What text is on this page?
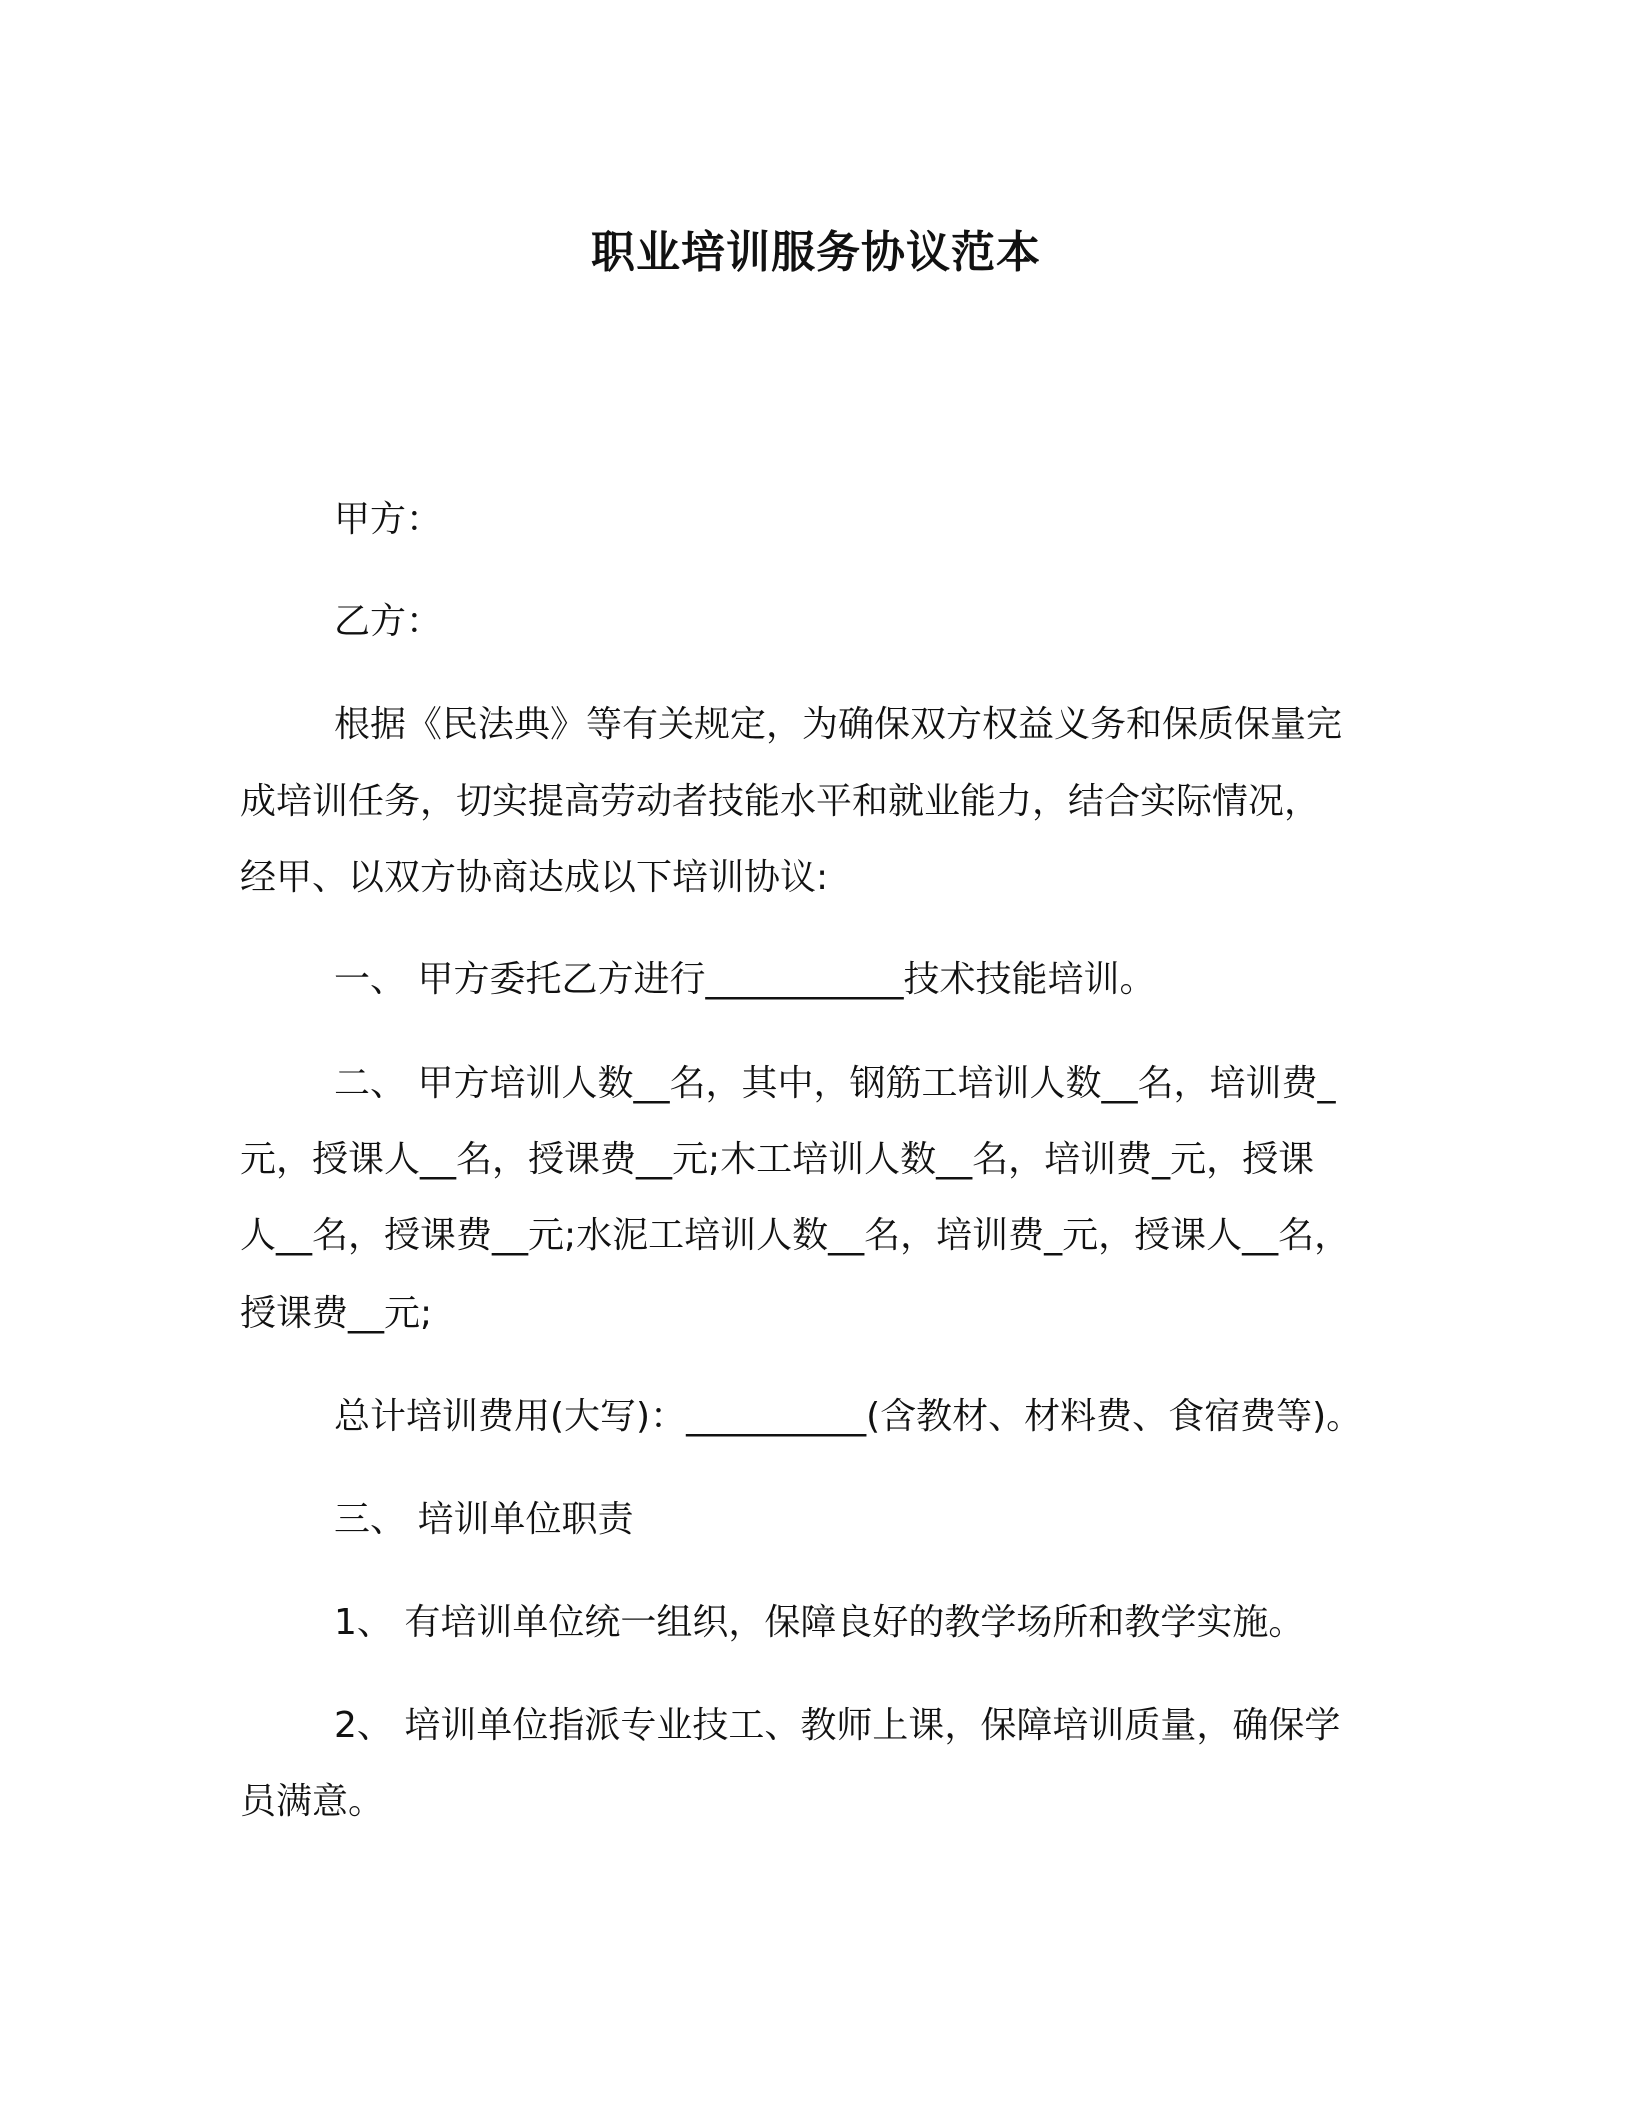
职业培训服务协议范本
甲方：
乙方：
根据《民法典》等有关规定，为确保双方权益义务和保质保量完
成培训任务，切实提高劳动者技能水平和就业能力，结合实际情况，
经甲、以双方协商达成以下培训协议:
一、 甲方委托乙方进行___________技术技能培训。
二、 甲方培训人数__名，其中，钢筋工培训人数__名，培训费_
元，授课人__名，授课费__元;木工培训人数__名，培训费_元，授课
人__名，授课费__元;水泥工培训人数__名，培训费_元，授课人__名，
授课费__元;
总计培训费用(大写)：__________(含教材、材料费、食宿费等)。
三、 培训单位职责
1、 有培训单位统一组织，保障良好的教学场所和教学实施。
2、 培训单位指派专业技工、教师上课，保障培训质量，确保学
员满意。
